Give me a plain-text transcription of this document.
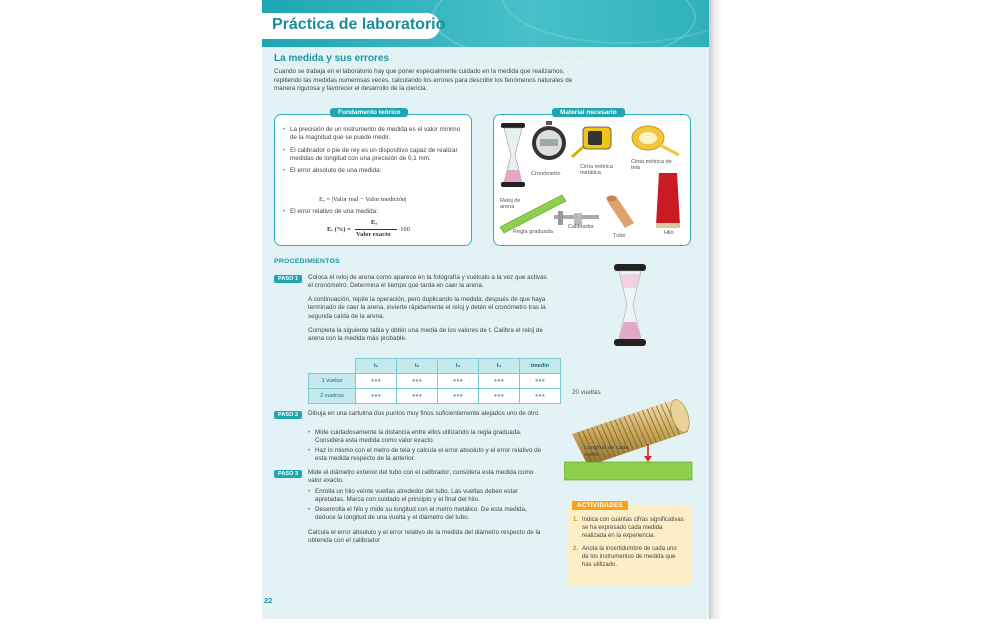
Práctica de laboratorio
La medida y sus errores
Cuando se trabaja en el laboratorio hay que poner especialmente cuidado en la medida que realizamos, repitiendo las medidas numerosas veces, calculando los errores para describir los fenómenos naturales de manera rigurosa y favorecer el desarrollo de la ciencia.
• La precisión de un instrumento de medida es el valor mínimo de la magnitud que se puede medir.
• El calibrador o pie de rey es un dispositivo capaz de realizar medidas de longitud con una precisión de 0,1 mm.
• El error absoluto de una medida:
Eₐ = |Valor real − Valor medición|
• El error relativo de una medida:
Eᵣ (%) =
Eₐ
Valor exacto
·100
Fundamento teórico
Cronómetro
Cinta métrica metálica
Cinta métrica de tela
Reloj de arena
Regla graduada
Calibrador
Tubo	Hilo
Material necesario
PROCEDIMIENTOS
PASO 1	Coloca el reloj de arena como aparece en la fotografía y vuélcalo a la vez que activas el cronómetro. Determina el tiempo que tarda en caer la arena.
A continuación, repite la operación, pero duplicando la medida: después de que haya terminado de caer la arena, invierte rápidamente el reloj y detén el cronómetro tras la segunda caída de la arena.
Completa la siguiente tabla y obtén una media de los valores de t. Calibra el reloj de arena con la medida más probable.
	t₁	t₂	t₃	t₄	tmedio
1 vuelco	●●●	●●●	●●●	●●●	●●●
2 vuelcos	●●●	●●●	●●●	●●●	●●●
PASO 2	Dibuja en una cartulina dos puntos muy finos suficientemente alejados uno de otro.
• Mide cuidadosamente la distancia entre ellos utilizando la regla graduada. Considera esta medida como valor exacto.
• Haz lo mismo con el metro de tela y calcula el error absoluto y el error relativo de esta medida respecto de la anterior.
PASO 3	Mide el diámetro exterior del tubo con el calibrador; considera esta medida como valor exacto.
• Enrolla un hilo veinte vueltas alrededor del tubo. Las vueltas deben estar apretadas. Marca con cuidado el principio y el final del hilo.
• Desenrolla el hilo y mide su longitud con el metro metálico. De esta medida, deduce la longitud de una vuelta y el diámetro del tubo.
Calcula el error absoluto y el error relativo de la medida del diámetro respecto de la obtenida con el calibrador
20 vueltas
Longitud de cada vuelta
ACTIVIDADES
1. Indica con cuántas cifras significativas se ha expresado cada medida realizada en la experiencia.
2. Anota la incertidumbre de cada uno de los instrumentos de medida que has utilizado.
22
